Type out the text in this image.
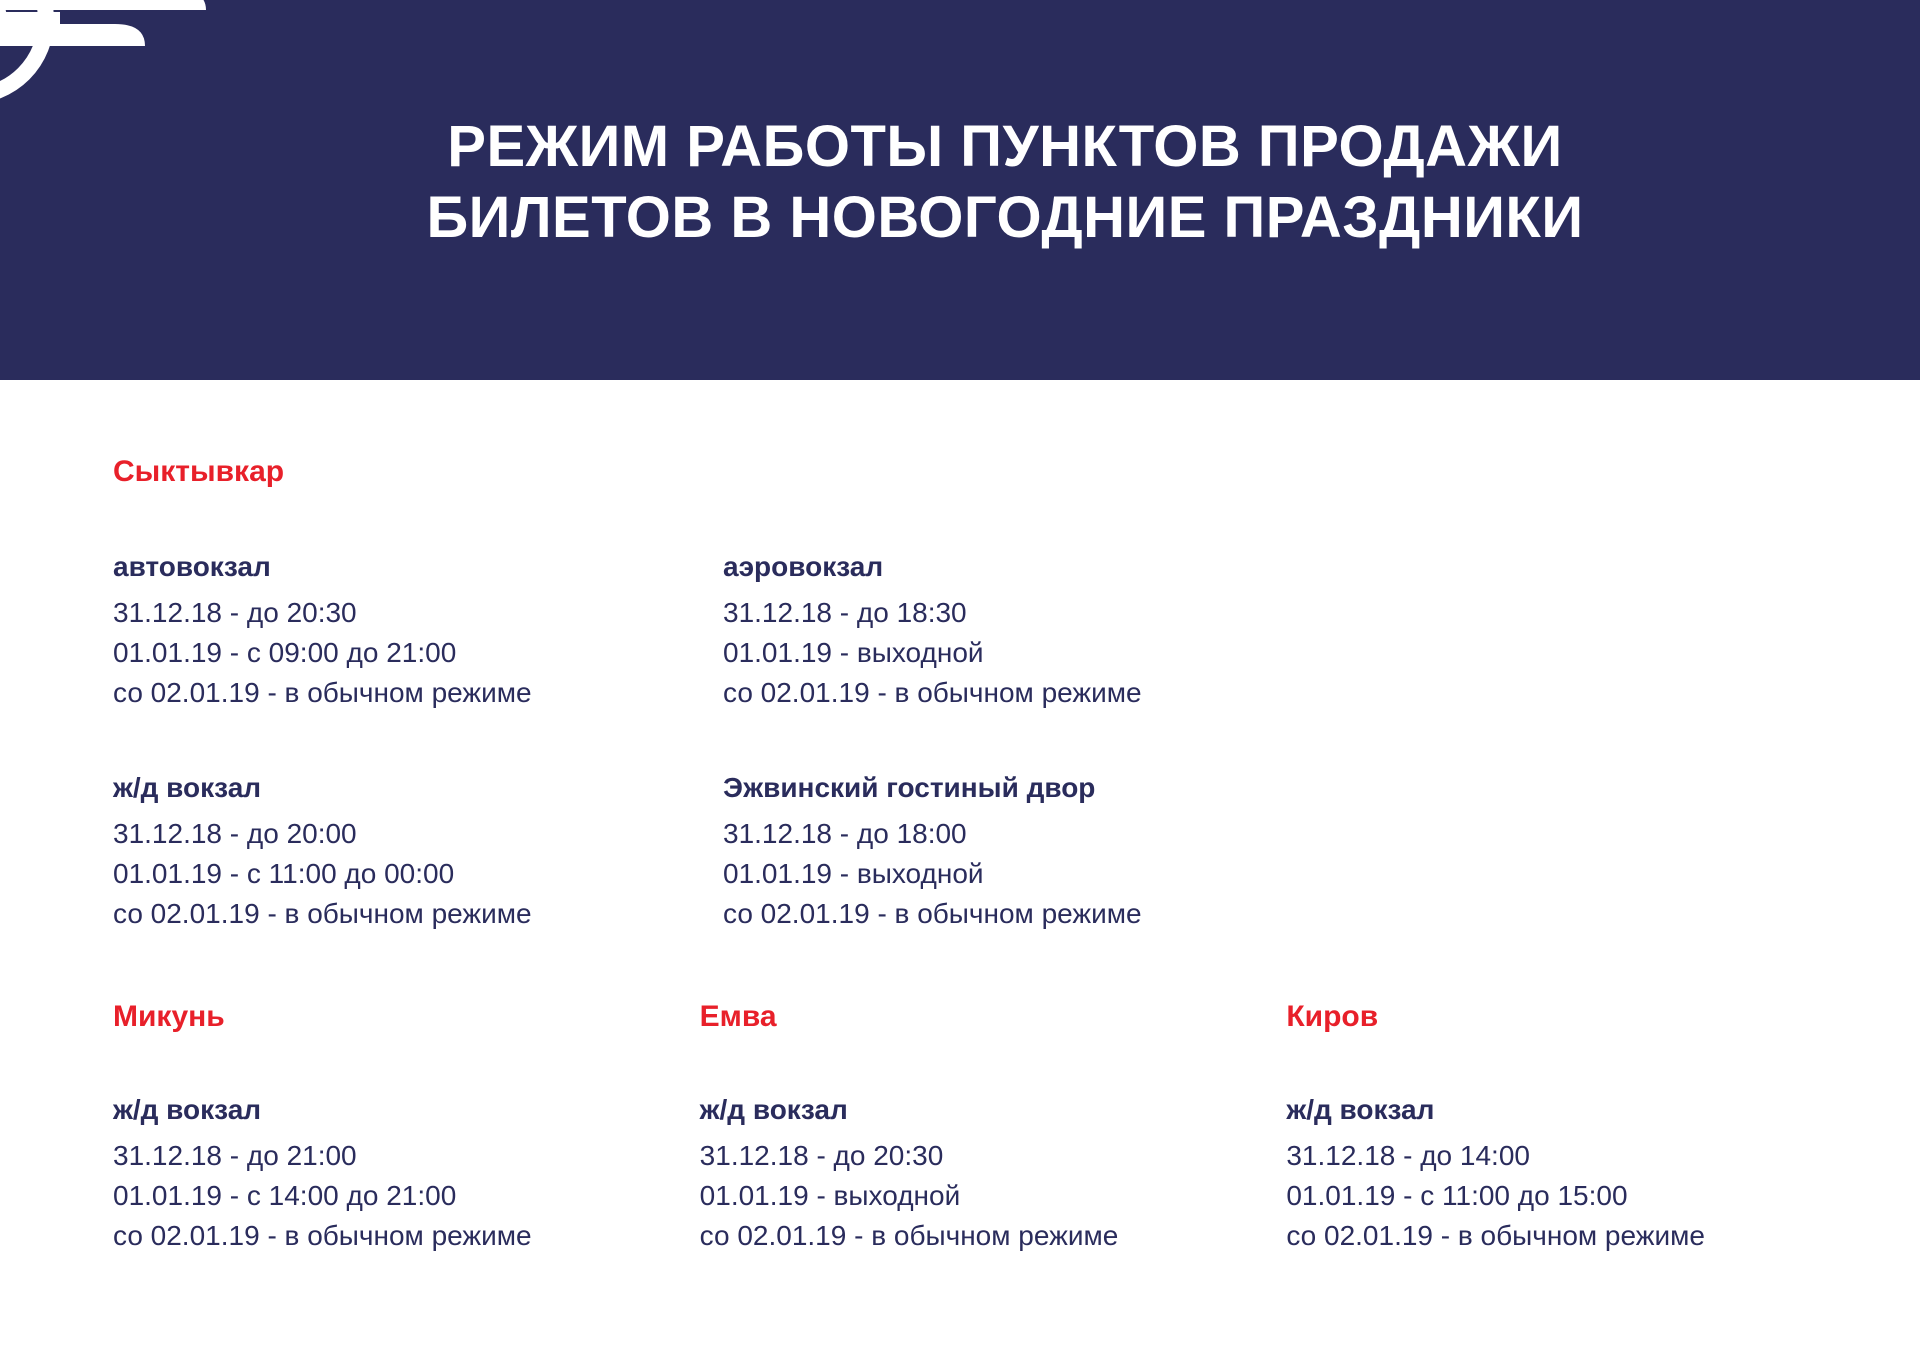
РЕЖИМ РАБОТЫ ПУНКТОВ ПРОДАЖИ
БИЛЕТОВ В НОВОГОДНИЕ ПРАЗДНИКИ
Сыктывкар
автовокзал
31.12.18 - до 20:30
01.01.19 - с 09:00 до 21:00
со 02.01.19 - в обычном режиме
ж/д вокзал
31.12.18 - до 20:00
01.01.19 - с 11:00 до 00:00
со 02.01.19 - в обычном режиме
аэровокзал
31.12.18 - до 18:30
01.01.19 - выходной
со 02.01.19 - в обычном режиме
Эжвинский гостиный двор
31.12.18 - до 18:00
01.01.19 - выходной
со 02.01.19 - в обычном режиме
Микунь
ж/д вокзал
31.12.18 - до 21:00
01.01.19 - с 14:00 до 21:00
со 02.01.19 - в обычном режиме
Емва
ж/д вокзал
31.12.18 - до 20:30
01.01.19 - выходной
со 02.01.19 - в обычном режиме
Киров
ж/д вокзал
31.12.18 - до 14:00
01.01.19 - с 11:00 до 15:00
со 02.01.19 - в обычном режиме
